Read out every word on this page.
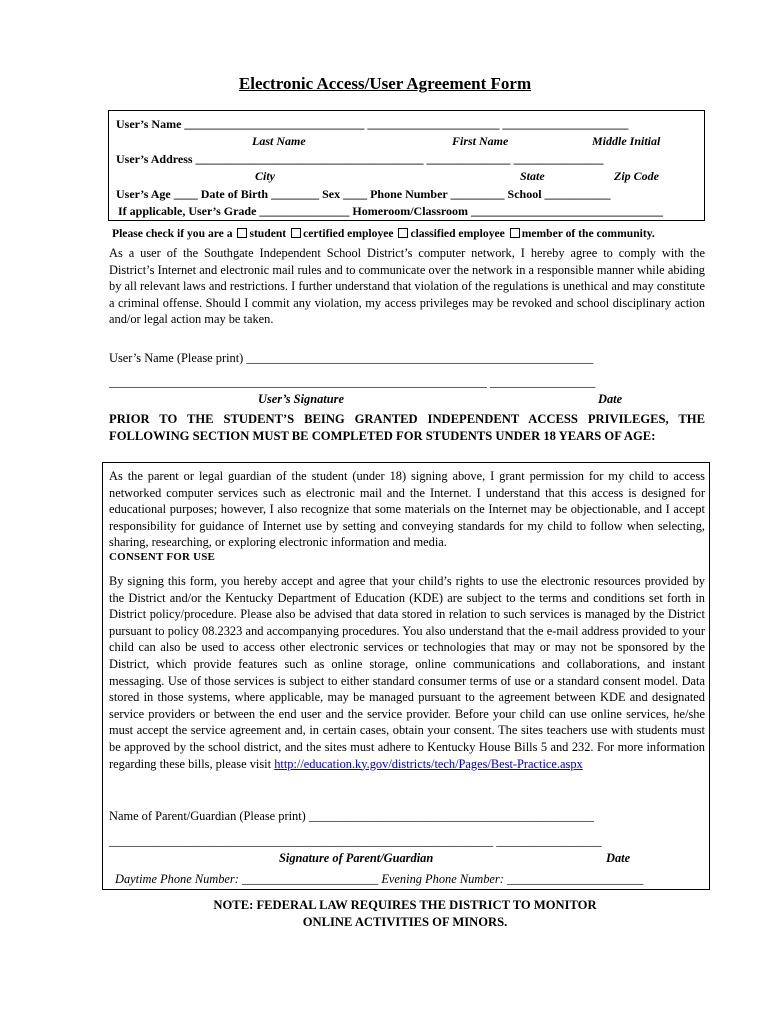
Electronic Access/User Agreement Form
User’s Name ______________________________ ______________________ _____________________
Last Name	First Name	Middle Initial
User’s Address ______________________________________ ______________ _______________
City	State	Zip Code
User’s Age ____ Date of Birth ________ Sex ____ Phone Number _________ School ___________
If applicable, User’s Grade _______________ Homeroom/Classroom ________________________________
Please check if you are a student certified employee classified employee member of the community.
As a user of the Southgate Independent School District’s computer network, I hereby agree to comply with the District’s Internet and electronic mail rules and to communicate over the network in a responsible manner while abiding by all relevant laws and restrictions. I further understand that violation of the regulations is unethical and may constitute a criminal offense. Should I commit any violation, my access privileges may be revoked and school disciplinary action and/or legal action may be taken.
User’s Name (Please print) ________________________________________________________
_____________________________________________________________ _________________
User’s Signature	Date
PRIOR TO THE STUDENT’S BEING GRANTED INDEPENDENT ACCESS PRIVILEGES, THE FOLLOWING SECTION MUST BE COMPLETED FOR STUDENTS UNDER 18 YEARS OF AGE:
As the parent or legal guardian of the student (under 18) signing above, I grant permission for my child to access networked computer services such as electronic mail and the Internet. I understand that this access is designed for educational purposes; however, I also recognize that some materials on the Internet may be objectionable, and I accept responsibility for guidance of Internet use by setting and conveying standards for my child to follow when selecting, sharing, researching, or exploring electronic information and media.
CONSENT FOR USE
By signing this form, you hereby accept and agree that your child’s rights to use the electronic resources provided by the District and/or the Kentucky Department of Education (KDE) are subject to the terms and conditions set forth in District policy/procedure. Please also be advised that data stored in relation to such services is managed by the District pursuant to policy 08.2323 and accompanying procedures. You also understand that the e-mail address provided to your child can also be used to access other electronic services or technologies that may or may not be sponsored by the District, which provide features such as online storage, online communications and collaborations, and instant messaging. Use of those services is subject to either standard consumer terms of use or a standard consent model. Data stored in those systems, where applicable, may be managed pursuant to the agreement between KDE and designated service providers or between the end user and the service provider. Before your child can use online services, he/she must accept the service agreement and, in certain cases, obtain your consent. The sites teachers use with students must be approved by the school district, and the sites must adhere to Kentucky House Bills 5 and 232. For more information regarding these bills, please visit http://education.ky.gov/districts/tech/Pages/Best-Practice.aspx
Name of Parent/Guardian (Please print) ______________________________________________
______________________________________________________________ _________________
Signature of Parent/Guardian	Date
Daytime Phone Number: ______________________ Evening Phone Number: ______________________
NOTE: FEDERAL LAW REQUIRES THE DISTRICT TO MONITOR
ONLINE ACTIVITIES OF MINORS.
